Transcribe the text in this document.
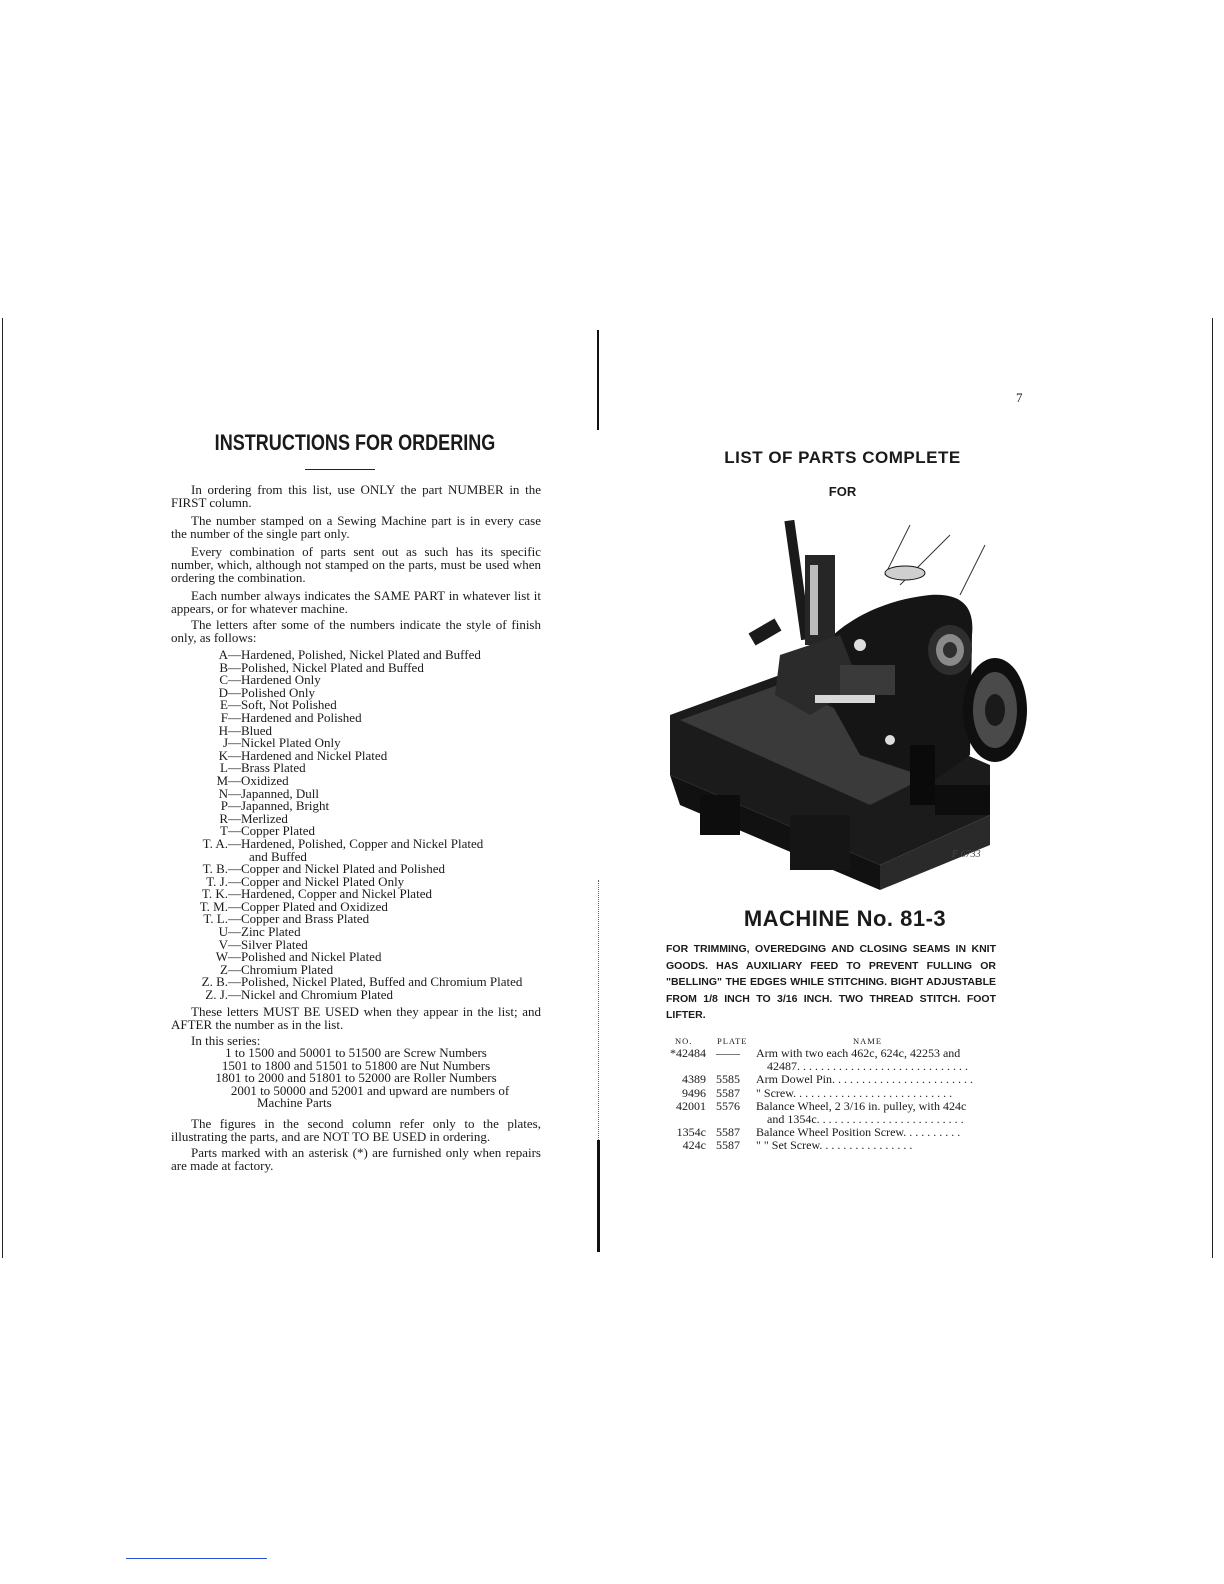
INSTRUCTIONS FOR ORDERING
In ordering from this list, use ONLY the part NUMBER in the FIRST column.
The number stamped on a Sewing Machine part is in every case the number of the single part only.
Every combination of parts sent out as such has its specific number, which, although not stamped on the parts, must be used when ordering the combination.
Each number always indicates the SAME PART in whatever list it appears, or for whatever machine.
The letters after some of the numbers indicate the style of finish only, as follows:
A— Hardened, Polished, Nickel Plated and Buffed
B— Polished, Nickel Plated and Buffed
C— Hardened Only
D— Polished Only
E— Soft, Not Polished
F— Hardened and Polished
H— Blued
J— Nickel Plated Only
K— Hardened and Nickel Plated
L— Brass Plated
M— Oxidized
N— Japanned, Dull
P— Japanned, Bright
R— Merlized
T— Copper Plated
T. A.— Hardened, Polished, Copper and Nickel Plated
and Buffed
T. B.— Copper and Nickel Plated and Polished
T. J.— Copper and Nickel Plated Only
T. K.— Hardened, Copper and Nickel Plated
T. M.— Copper Plated and Oxidized
T. L.— Copper and Brass Plated
U— Zinc Plated
V— Silver Plated
W— Polished and Nickel Plated
Z— Chromium Plated
Z. B.— Polished, Nickel Plated, Buffed and Chromium Plated
Z. J.— Nickel and Chromium Plated
These letters MUST BE USED when they appear in the list; and AFTER the number as in the list.
In this series:
1 to 1500 and 50001 to 51500 are Screw Numbers
1501 to 1800 and 51501 to 51800 are Nut Numbers
1801 to 2000 and 51801 to 52000 are Roller Numbers
2001 to 50000 and 52001 and upward are numbers of
Machine Parts
The figures in the second column refer only to the plates, illustrating the parts, and are NOT TO BE USED in ordering.
Parts marked with an asterisk (*) are furnished only when repairs are made at factory.
7
LIST OF PARTS COMPLETE
FOR
F 6733
MACHINE No. 81-3
FOR TRIMMING, OVEREDGING AND CLOSING SEAMS IN KNIT GOODS. HAS AUXILIARY FEED TO PREVENT FULLING OR "BELLING" THE EDGES WHILE STITCHING. BIGHT ADJUSTABLE FROM 1/8 INCH TO 3/16 INCH. TWO THREAD STITCH. FOOT LIFTER.
NO.	PLATE	NAME
*42484 ——	Arm with two each 462c, 624c, 42253 and
42487. . . . . . . . . . . . . . . . . . . . . . . . . . . . .
4389 5585	Arm Dowel Pin. . . . . . . . . . . . . . . . . . . . . . . .
9496 5587	" Screw. . . . . . . . . . . . . . . . . . . . . . . . . . .
42001 5576	Balance Wheel, 2 3/16 in. pulley, with 424c
and 1354c. . . . . . . . . . . . . . . . . . . . . . . . .
1354c 5587	Balance Wheel Position Screw. . . . . . . . . .
424c 5587	" " Set Screw. . . . . . . . . . . . . . . .
